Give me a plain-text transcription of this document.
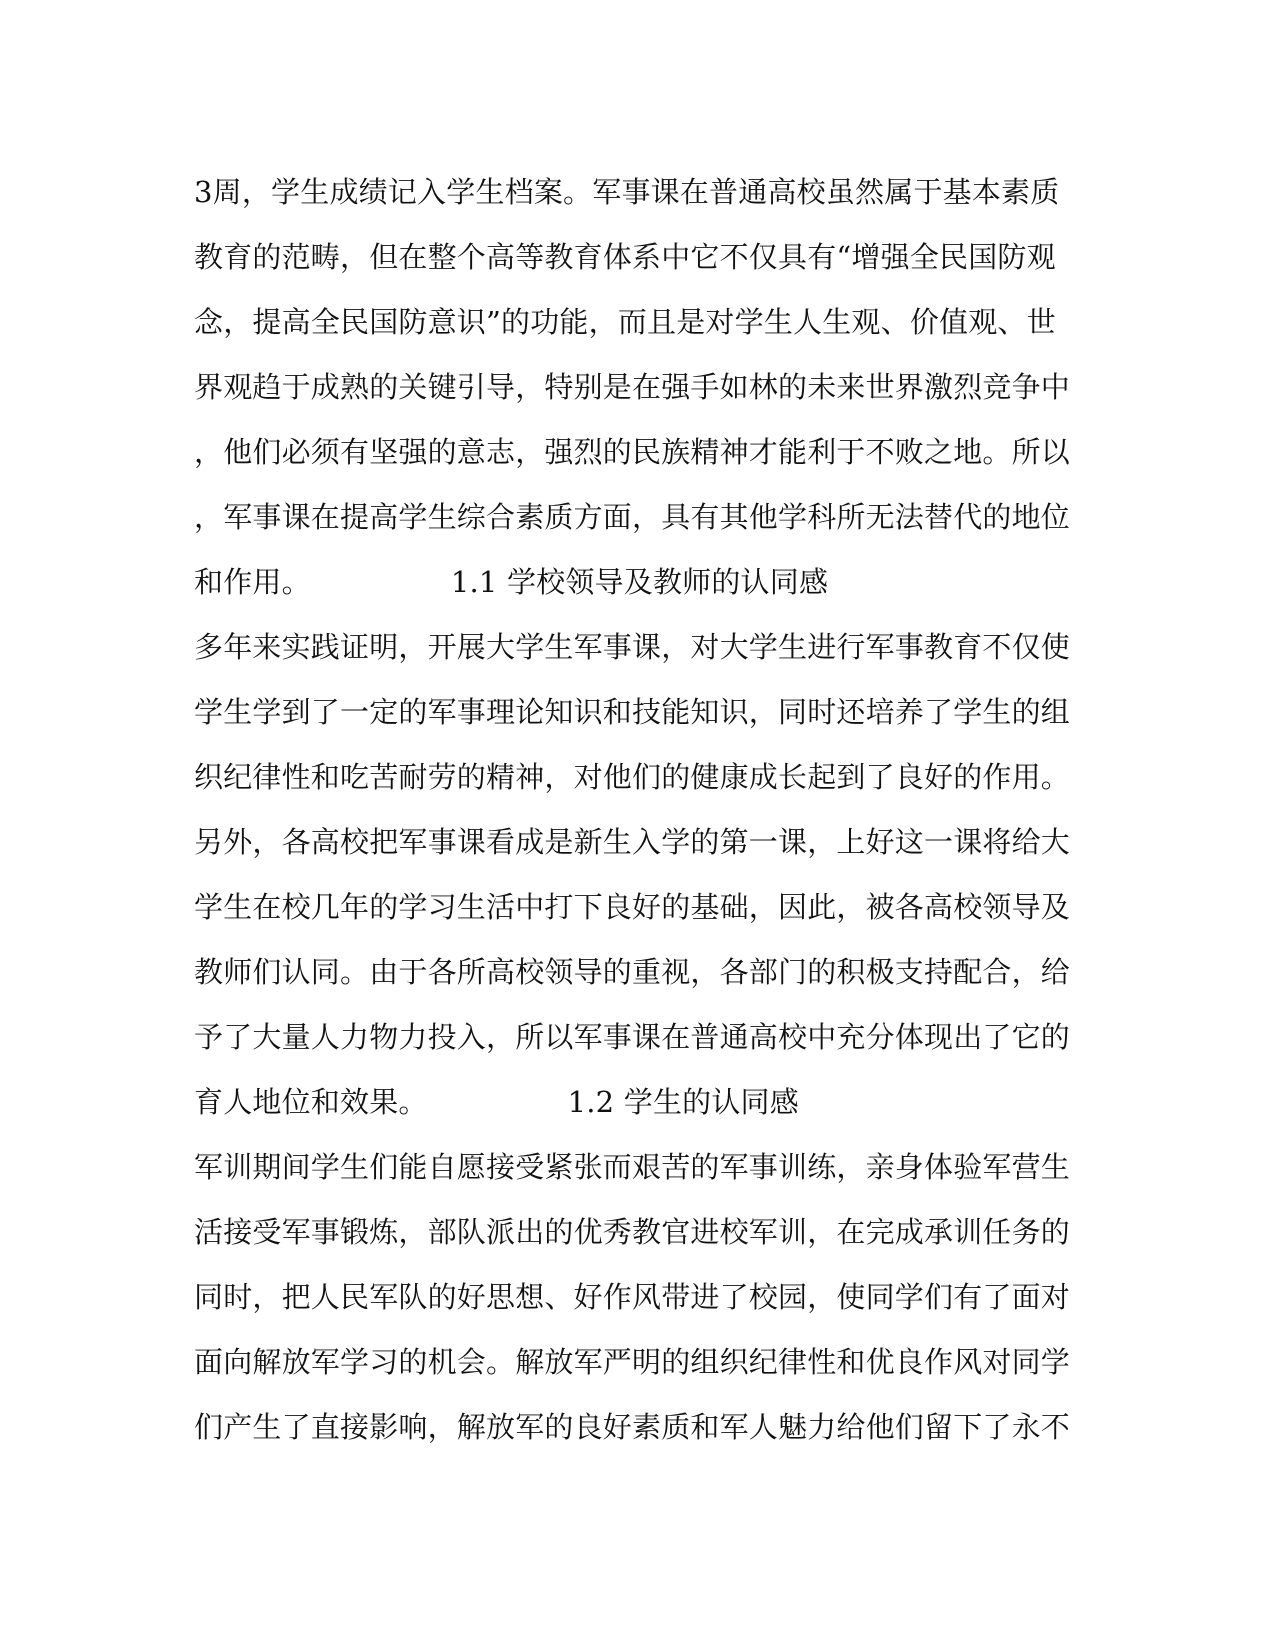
3周，学生成绩记入学生档案。军事课在普通高校虽然属于基本素质
教育的范畴，但在整个高等教育体系中它不仅具有“增强全民国防观
念，提高全民国防意识”的功能，而且是对学生人生观、价值观、世
界观趋于成熟的关键引导，特别是在强手如林的未来世界激烈竞争中
，他们必须有坚强的意志，强烈的民族精神才能利于不败之地。所以
，军事课在提高学生综合素质方面，具有其他学科所无法替代的地位
和作用。	1.1 学校领导及教师的认同感
多年来实践证明，开展大学生军事课，对大学生进行军事教育不仅使
学生学到了一定的军事理论知识和技能知识，同时还培养了学生的组
织纪律性和吃苦耐劳的精神，对他们的健康成长起到了良好的作用。
另外，各高校把军事课看成是新生入学的第一课，上好这一课将给大
学生在校几年的学习生活中打下良好的基础，因此，被各高校领导及
教师们认同。由于各所高校领导的重视，各部门的积极支持配合，给
予了大量人力物力投入，所以军事课在普通高校中充分体现出了它的
育人地位和效果。	1.2 学生的认同感
军训期间学生们能自愿接受紧张而艰苦的军事训练，亲身体验军营生
活接受军事锻炼，部队派出的优秀教官进校军训，在完成承训任务的
同时，把人民军队的好思想、好作风带进了校园，使同学们有了面对
面向解放军学习的机会。解放军严明的组织纪律性和优良作风对同学
们产生了直接影响，解放军的良好素质和军人魅力给他们留下了永不
